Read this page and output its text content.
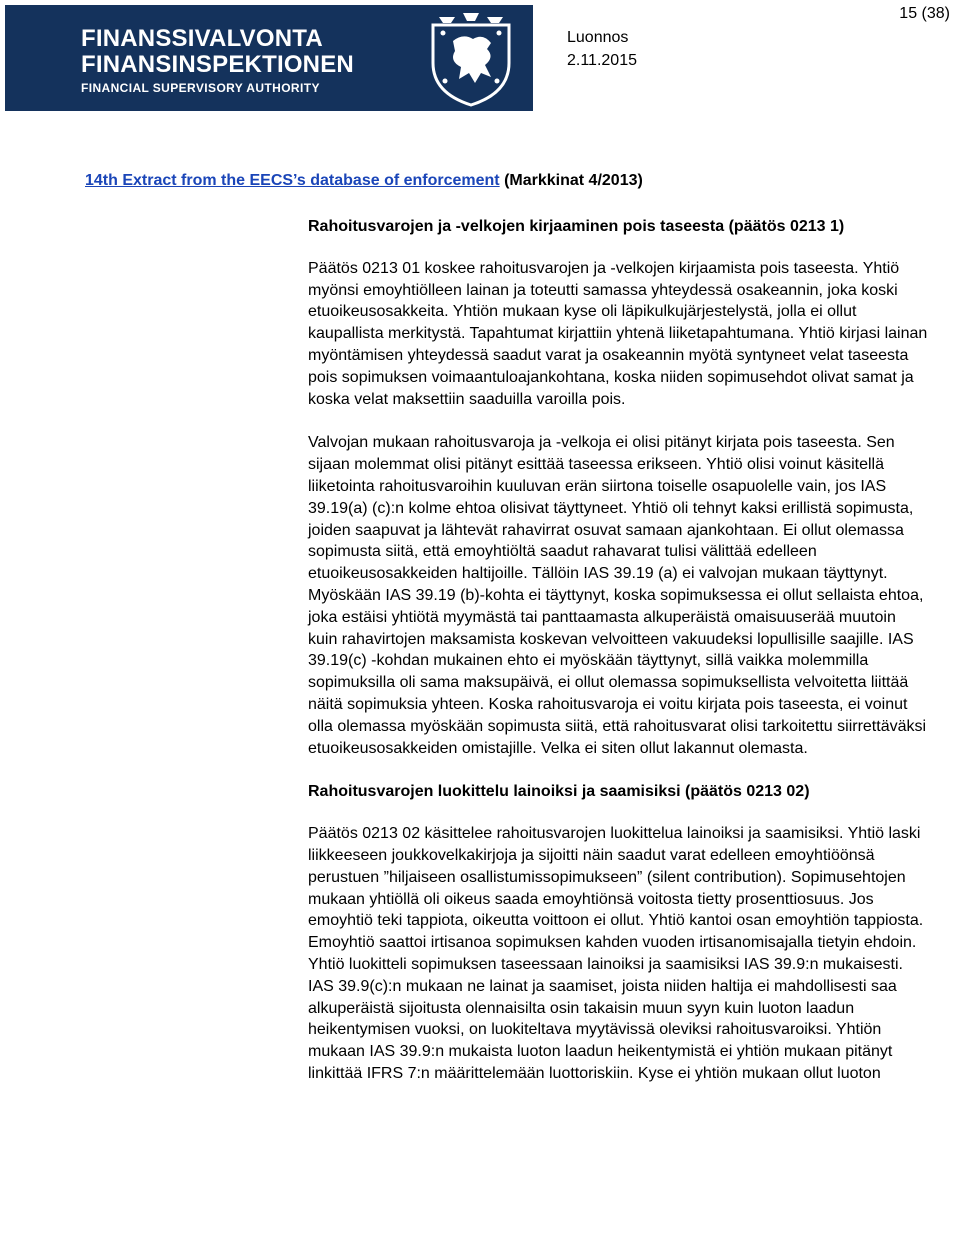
FINANSSIVALVONTA
FINANSINSPEKTIONEN
FINANCIAL SUPERVISORY AUTHORITY
Luonnos
2.11.2015
15 (38)
14th Extract from the EECS’s database of enforcement (Markkinat 4/2013)
Rahoitusvarojen ja -velkojen kirjaaminen pois taseesta (päätös 0213 1)

Päätös 0213 01 koskee rahoitusvarojen ja -velkojen kirjaamista pois taseesta. Yhtiö myönsi emoyhtiölleen lainan ja toteutti samassa yhteydessä osakeannin, joka koski etuoikeusosakkeita. Yhtiön mukaan kyse oli läpikulkujärjestelystä, jolla ei ollut kaupallista merkitystä. Tapahtumat kirjattiin yhtenä liiketapahtumana. Yhtiö kirjasi lainan myöntämisen yhteydessä saadut varat ja osakeannin myötä syntyneet velat taseesta pois sopimuksen voimaantuloajankohtana, koska niiden sopimusehdot olivat samat ja koska velat maksettiin saaduilla varoilla pois.

Valvojan mukaan rahoitusvaroja ja -velkoja ei olisi pitänyt kirjata pois taseesta. Sen sijaan molemmat olisi pitänyt esittää taseessa erikseen. Yhtiö olisi voinut käsitellä liiketointa rahoitusvaroihin kuuluvan erän siirtona toiselle osapuolelle vain, jos IAS 39.19(a) (c):n kolme ehtoa olisivat täyttyneet. Yhtiö oli tehnyt kaksi erillistä sopimusta, joiden saapuvat ja lähtevät rahavirrat osuvat samaan ajankohtaan. Ei ollut olemassa sopimusta siitä, että emoyhtiöltä saadut rahavarat tulisi välittää edelleen etuoikeusosakkeiden haltijoille. Tällöin IAS 39.19 (a) ei valvojan mukaan täyttynyt. Myöskään IAS 39.19 (b)-kohta ei täyttynyt, koska sopimuksessa ei ollut sellaista ehtoa, joka estäisi yhtiötä myymästä tai panttaamasta alkuperäistä omaisuuserää muutoin kuin rahavirtojen maksamista koskevan velvoitteen vakuudeksi lopullisille saajille. IAS 39.19(c) -kohdan mukainen ehto ei myöskään täyttynyt, sillä vaikka molemmilla sopimuksilla oli sama maksupäivä, ei ollut olemassa sopimuksellista velvoitetta liittää näitä sopimuksia yhteen. Koska rahoitusvaroja ei voitu kirjata pois taseesta, ei voinut olla olemassa myöskään sopimusta siitä, että rahoitusvarat olisi tarkoitettu siirrettäväksi etuoikeusosakkeiden omistajille. Velka ei siten ollut lakannut olemasta.

Rahoitusvarojen luokittelu lainoiksi ja saamisiksi (päätös 0213 02)

Päätös 0213 02 käsittelee rahoitusvarojen luokittelua lainoiksi ja saamisiksi. Yhtiö laski liikkeeseen joukkovelkakirjoja ja sijoitti näin saadut varat edelleen emoyhtiöönsä perustuen ”hiljaiseen osallistumissopimukseen” (silent contribution). Sopimusehtojen mukaan yhtiöllä oli oikeus saada emoyhtiönsä voitosta tietty prosenttiosuus. Jos emoyhtiö teki tappiota, oikeutta voittoon ei ollut. Yhtiö kantoi osan emoyhtiön tappiosta. Emoyhtiö saattoi irtisanoa sopimuksen kahden vuoden irtisanomisajalla tietyin ehdoin. Yhtiö luokitteli sopimuksen taseessaan lainoiksi ja saamisiksi IAS 39.9:n mukaisesti. IAS 39.9(c):n mukaan ne lainat ja saamiset, joista niiden haltija ei mahdollisesti saa alkuperäistä sijoitusta olennaisilta osin takaisin muun syyn kuin luoton laadun heikentymisen vuoksi, on luokiteltava myytävissä oleviksi rahoitusvaroiksi. Yhtiön mukaan IAS 39.9:n mukaista luoton laadun heikentymistä ei yhtiön mukaan pitänyt linkittää IFRS 7:n määrittelemään luottoriskiin. Kyse ei yhtiön mukaan ollut luoton
